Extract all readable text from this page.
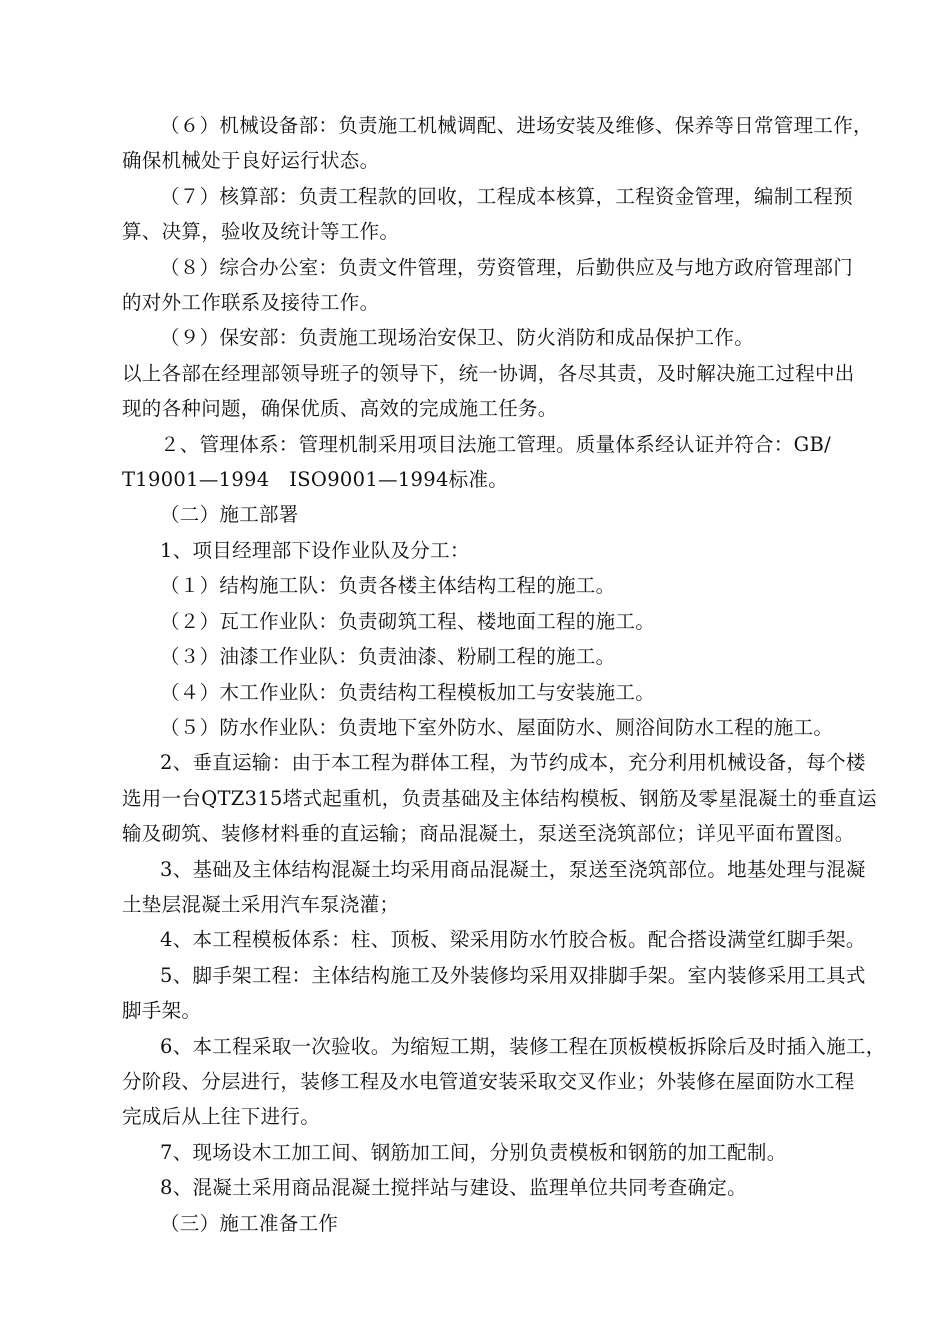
（６）机械设备部：负责施工机械调配、进场安装及维修、保养等日常管理工作，
确保机械处于良好运行状态。
（７）核算部：负责工程款的回收，工程成本核算，工程资金管理，编制工程预
算、决算，验收及统计等工作。
（８）综合办公室：负责文件管理，劳资管理，后勤供应及与地方政府管理部门
的对外工作联系及接待工作。
（９）保安部：负责施工现场治安保卫、防火消防和成品保护工作。
以上各部在经理部领导班子的领导下，统一协调，各尽其责，及时解决施工过程中出
现的各种问题，确保优质、高效的完成施工任务。
２、管理体系：管理机制采用项目法施工管理。质量体系经认证并符合：GB/
T19001—1994　ISO9001—1994标准。
（二）施工部署
1、项目经理部下设作业队及分工：
（１）结构施工队：负责各楼主体结构工程的施工。
（２）瓦工作业队：负责砌筑工程、楼地面工程的施工。
（３）油漆工作业队：负责油漆、粉刷工程的施工。
（４）木工作业队：负责结构工程模板加工与安装施工。
（５）防水作业队：负责地下室外防水、屋面防水、厕浴间防水工程的施工。
2、垂直运输：由于本工程为群体工程，为节约成本，充分利用机械设备，每个楼
选用一台QTZ315塔式起重机，负责基础及主体结构模板、钢筋及零星混凝土的垂直运
输及砌筑、装修材料垂的直运输；商品混凝土，泵送至浇筑部位；详见平面布置图。
3、基础及主体结构混凝土均采用商品混凝土，泵送至浇筑部位。地基处理与混凝
土垫层混凝土采用汽车泵浇灌；
4、本工程模板体系：柱、顶板、梁采用防水竹胶合板。配合搭设满堂红脚手架。
5、脚手架工程：主体结构施工及外装修均采用双排脚手架。室内装修采用工具式
脚手架。
6、本工程采取一次验收。为缩短工期，装修工程在顶板模板拆除后及时插入施工，
分阶段、分层进行，装修工程及水电管道安装采取交叉作业；外装修在屋面防水工程
完成后从上往下进行。
7、现场设木工加工间、钢筋加工间，分别负责模板和钢筋的加工配制。
8、混凝土采用商品混凝土搅拌站与建设、监理单位共同考查确定。
（三）施工准备工作
